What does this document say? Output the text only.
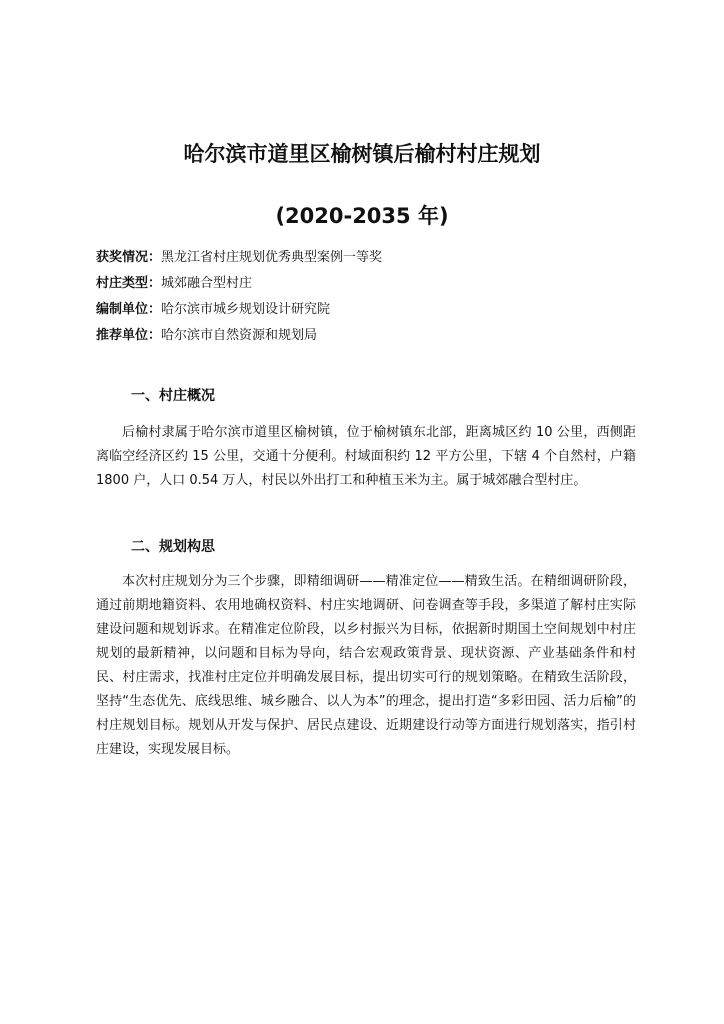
哈尔滨市道里区榆树镇后榆村村庄规划
(2020-2035 年)
获奖情况：黑龙江省村庄规划优秀典型案例一等奖
村庄类型：城郊融合型村庄
编制单位：哈尔滨市城乡规划设计研究院
推荐单位：哈尔滨市自然资源和规划局
一、村庄概况

后榆村隶属于哈尔滨市道里区榆树镇，位于榆树镇东北部，距离城区约 10 公里，西侧距离临空经济区约 15 公里，交通十分便利。村域面积约 12 平方公里，下辖 4 个自然村，户籍 1800 户，人口 0.54 万人，村民以外出打工和种植玉米为主。属于城郊融合型村庄。

二、规划构思

本次村庄规划分为三个步骤，即精细调研——精准定位——精致生活。在精细调研阶段，通过前期地籍资料、农用地确权资料、村庄实地调研、问卷调查等手段，多渠道了解村庄实际建设问题和规划诉求。在精准定位阶段，以乡村振兴为目标，依据新时期国土空间规划中村庄规划的最新精神，以问题和目标为导向，结合宏观政策背景、现状资源、产业基础条件和村民、村庄需求，找准村庄定位并明确发展目标，提出切实可行的规划策略。在精致生活阶段，坚持“生态优先、底线思维、城乡融合、以人为本”的理念，提出打造“多彩田园、活力后榆”的村庄规划目标。规划从开发与保护、居民点建设、近期建设行动等方面进行规划落实，指引村庄建设，实现发展目标。
